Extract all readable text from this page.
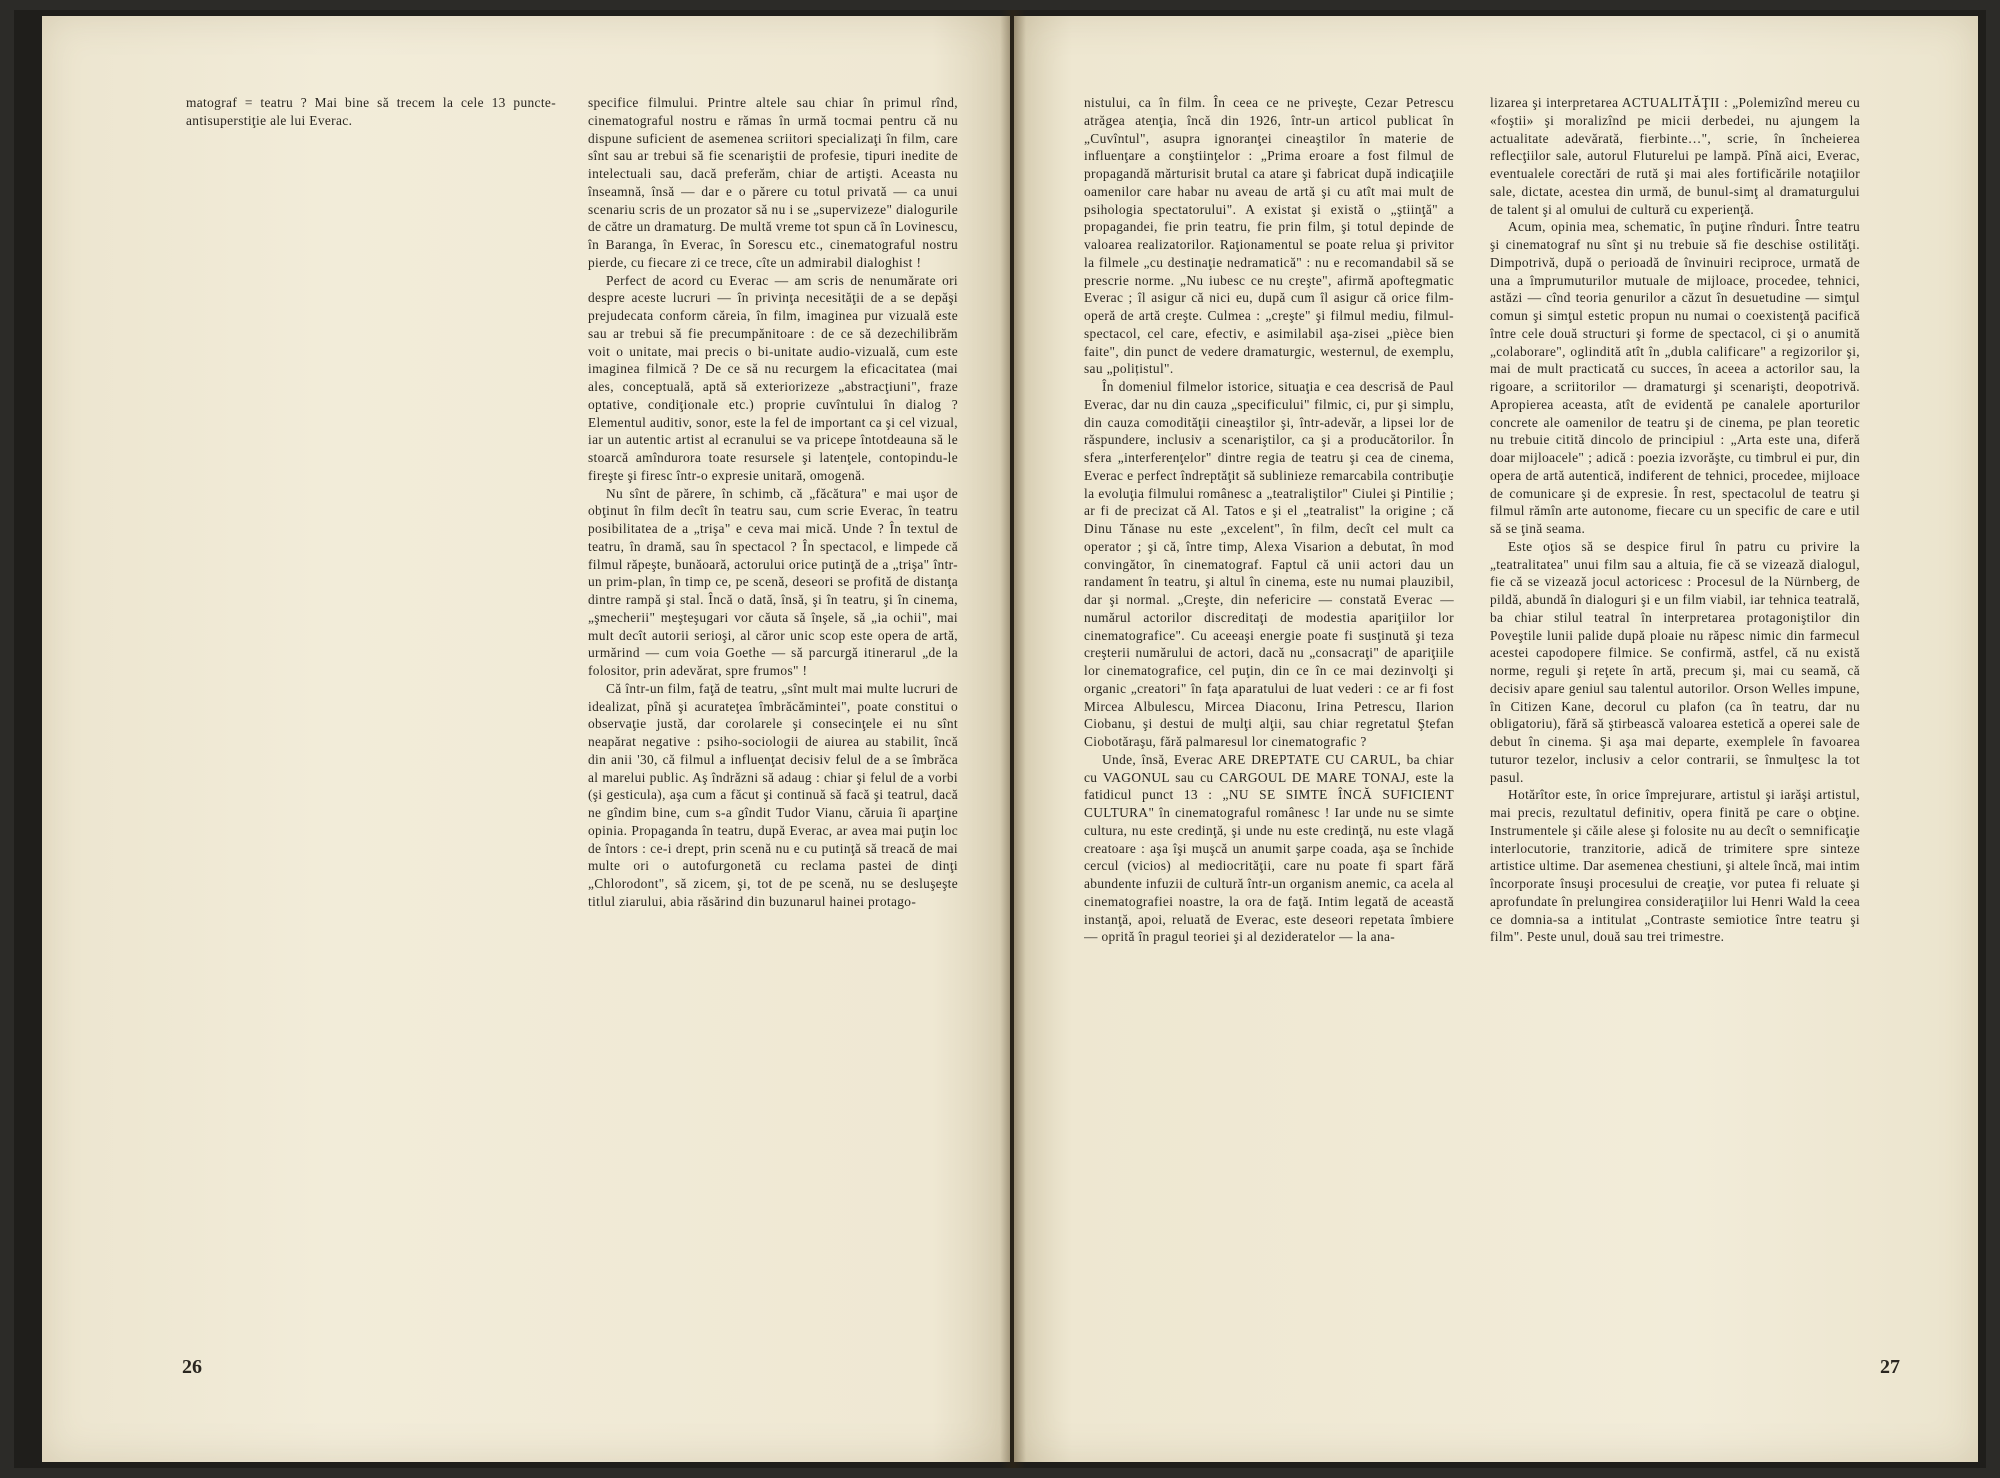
matograf = teatru ? Mai bine să trecem la cele 13 puncte-antisuperstiţie ale lui Everac.

specifice filmului. Printre altele sau chiar în primul rînd, cinematograful nostru e rămas în urmă tocmai pentru că nu dispune suficient de asemenea scriitori specializaţi în film, care sînt sau ar trebui să fie scenariştii de profesie, tipuri inedite de intelectuali sau, dacă preferăm, chiar de artişti. Aceasta nu înseamnă, însă — dar e o părere cu totul privată — ca unui scenariu scris de un prozator să nu i se „supervizeze" dialogurile de către un dramaturg. De multă vreme tot spun că în Lovinescu, în Baranga, în Everac, în Sorescu etc., cinematograful nostru pierde, cu fiecare zi ce trece, cîte un admirabil dialoghist !

Perfect de acord cu Everac — am scris de nenumărate ori despre aceste lucruri — în privinţa necesităţii de a se depăşi prejudecata conform căreia, în film, imaginea pur vizuală este sau ar trebui să fie precumpănitoare : de ce să dezechilibrăm voit o unitate, mai precis o bi-unitate audio-vizuală, cum este imaginea filmică ? De ce să nu recurgem la eficacitatea (mai ales, conceptuală, aptă să exteriorizeze „abstracţiuni", fraze optative, condiţionale etc.) proprie cuvîntului în dialog ? Elementul auditiv, sonor, este la fel de important ca şi cel vizual, iar un autentic artist al ecranului se va pricepe întotdeauna să le stoarcă amîndurora toate resursele şi latenţele, contopindu-le fireşte şi firesc într-o expresie unitară, omogenă.

Nu sînt de părere, în schimb, că „făcătura" e mai uşor de obţinut în film decît în teatru sau, cum scrie Everac, în teatru posibilitatea de a „trişa" e ceva mai mică. Unde ? În textul de teatru, în dramă, sau în spectacol ? În spectacol, e limpede că filmul răpeşte, bunăoară, actorului orice putinţă de a „trişa" într-un prim-plan, în timp ce, pe scenă, deseori se profită de distanţa dintre rampă şi stal. Încă o dată, însă, şi în teatru, şi în cinema, „şmecherii" meşteşugari vor căuta să înşele, să „ia ochii", mai mult decît autorii serioşi, al căror unic scop este opera de artă, urmărind — cum voia Goethe — să parcurgă itinerarul „de la folositor, prin adevărat, spre frumos" !

Că într-un film, faţă de teatru, „sînt mult mai multe lucruri de idealizat, pînă şi acurateţea îmbrăcămintei", poate constitui o observaţie justă, dar corolarele şi consecinţele ei nu sînt neapărat negative : psiho-sociologii de aiurea au stabilit, încă din anii '30, că filmul a influenţat decisiv felul de a se îmbrăca al marelui public. Aş îndrăzni să adaug : chiar şi felul de a vorbi (şi gesticula), aşa cum a făcut şi continuă să facă şi teatrul, dacă ne gîndim bine, cum s-a gîndit Tudor Vianu, căruia îi aparţine opinia. Propaganda în teatru, după Everac, ar avea mai puţin loc de întors : ce-i drept, prin scenă nu e cu putinţă să treacă de mai multe ori o autofurgonetă cu reclama pastei de dinţi „Chlorodont", să zicem, şi, tot de pe scenă, nu se desluşeşte titlul ziarului, abia răsărind din buzunarul hainei protago-

26

nistului, ca în film. În ceea ce ne priveşte, Cezar Petrescu atrăgea atenţia, încă din 1926, într-un articol publicat în „Cuvîntul", asupra ignoranţei cineaştilor în materie de influenţare a conştiinţelor : „Prima eroare a fost filmul de propagandă mărturisit brutal ca atare şi fabricat după indicaţiile oamenilor care habar nu aveau de artă şi cu atît mai mult de psihologia spectatorului". A existat şi există o „ştiinţă" a propagandei, fie prin teatru, fie prin film, şi totul depinde de valoarea realizatorilor. Raţionamentul se poate relua şi privitor la filmele „cu destinaţie nedramatică" : nu e recomandabil să se prescrie norme. „Nu iubesc ce nu creşte", afirmă apoftegmatic Everac ; îl asigur că nici eu, după cum îl asigur că orice film-operă de artă creşte. Culmea : „creşte" şi filmul mediu, filmul-spectacol, cel care, efectiv, e asimilabil aşa-zisei „pièce bien faite", din punct de vedere dramaturgic, westernul, de exemplu, sau „polițistul".

În domeniul filmelor istorice, situaţia e cea descrisă de Paul Everac, dar nu din cauza „specificului" filmic, ci, pur şi simplu, din cauza comodităţii cineaştilor şi, într-adevăr, a lipsei lor de răspundere, inclusiv a scenariştilor, ca şi a producătorilor. În sfera „interferenţelor" dintre regia de teatru şi cea de cinema, Everac e perfect îndreptăţit să sublinieze remarcabila contribuţie la evoluţia filmului românesc a „teatraliştilor" Ciulei şi Pintilie ; ar fi de precizat că Al. Tatos e şi el „teatralist" la origine ; că Dinu Tănase nu este „excelent", în film, decît cel mult ca operator ; şi că, între timp, Alexa Visarion a debutat, în mod convingător, în cinematograf. Faptul că unii actori dau un randament în teatru, şi altul în cinema, este nu numai plauzibil, dar şi normal. „Creşte, din nefericire — constată Everac — numărul actorilor discreditaţi de modestia apariţiilor lor cinematografice". Cu aceeaşi energie poate fi susţinută şi teza creşterii numărului de actori, dacă nu „consacraţi" de apariţiile lor cinematografice, cel puţin, din ce în ce mai dezinvolţi şi organic „creatori" în faţa aparatului de luat vederi : ce ar fi fost Mircea Albulescu, Mircea Diaconu, Irina Petrescu, Ilarion Ciobanu, şi destui de mulţi alţii, sau chiar regretatul Ştefan Ciobotăraşu, fără palmaresul lor cinematografic ?

Unde, însă, Everac ARE DREPTATE CU CARUL, ba chiar cu VAGONUL sau cu CARGOUL DE MARE TONAJ, este la fatidicul punct 13 : „NU SE SIMTE ÎNCĂ SUFICIENT CULTURA" în cinematograful românesc ! Iar unde nu se simte cultura, nu este credinţă, şi unde nu este credinţă, nu este vlagă creatoare : aşa îşi muşcă un anumit şarpe coada, aşa se închide cercul (vicios) al mediocrităţii, care nu poate fi spart fără abundente infuzii de cultură într-un organism anemic, ca acela al cinematografiei noastre, la ora de faţă. Intim legată de această instanţă, apoi, reluată de Everac, este deseori repetata îmbiere — oprită în pragul teoriei şi al dezideratelor — la ana-

lizarea şi interpretarea ACTUALITĂŢII : „Polemizînd mereu cu «foştii» şi moralizînd pe micii derbedei, nu ajungem la actualitate adevărată, fierbinte…", scrie, în încheierea reflecţiilor sale, autorul Fluturelui pe lampă. Pînă aici, Everac, eventualele corectări de rută şi mai ales fortificările notaţiilor sale, dictate, acestea din urmă, de bunul-simţ al dramaturgului de talent şi al omului de cultură cu experienţă.

Acum, opinia mea, schematic, în puţine rînduri. Între teatru şi cinematograf nu sînt şi nu trebuie să fie deschise ostilităţi. Dimpotrivă, după o perioadă de învinuiri reciproce, urmată de una a împrumuturilor mutuale de mijloace, procedee, tehnici, astăzi — cînd teoria genurilor a căzut în desuetudine — simţul comun şi simţul estetic propun nu numai o coexistenţă pacifică între cele două structuri şi forme de spectacol, ci şi o anumită „colaborare", oglindită atît în „dubla calificare" a regizorilor şi, mai de mult practicată cu succes, în aceea a actorilor sau, la rigoare, a scriitorilor — dramaturgi şi scenarişti, deopotrivă. Apropierea aceasta, atît de evidentă pe canalele aporturilor concrete ale oamenilor de teatru şi de cinema, pe plan teoretic nu trebuie citită dincolo de principiul : „Arta este una, diferă doar mijloacele" ; adică : poezia izvorăşte, cu timbrul ei pur, din opera de artă autentică, indiferent de tehnici, procedee, mijloace de comunicare şi de expresie. În rest, spectacolul de teatru şi filmul rămîn arte autonome, fiecare cu un specific de care e util să se ţină seama.

Este oţios să se despice firul în patru cu privire la „teatralitatea" unui film sau a altuia, fie că se vizează dialogul, fie că se vizează jocul actoricesc : Procesul de la Nürnberg, de pildă, abundă în dialoguri şi e un film viabil, iar tehnica teatrală, ba chiar stilul teatral în interpretarea protagoniştilor din Poveştile lunii palide după ploaie nu răpesc nimic din farmecul acestei capodopere filmice. Se confirmă, astfel, că nu există norme, reguli şi reţete în artă, precum şi, mai cu seamă, că decisiv apare geniul sau talentul autorilor. Orson Welles impune, în Citizen Kane, decorul cu plafon (ca în teatru, dar nu obligatoriu), fără să ştirbească valoarea estetică a operei sale de debut în cinema. Şi aşa mai departe, exemplele în favoarea tuturor tezelor, inclusiv a celor contrarii, se înmulţesc la tot pasul.

Hotărîtor este, în orice împrejurare, artistul şi iarăşi artistul, mai precis, rezultatul definitiv, opera finită pe care o obţine. Instrumentele şi căile alese şi folosite nu au decît o semnificaţie interlocutorie, tranzitorie, adică de trimitere spre sinteze artistice ultime. Dar asemenea chestiuni, şi altele încă, mai intim încorporate însuşi procesului de creaţie, vor putea fi reluate şi aprofundate în prelungirea consideraţiilor lui Henri Wald la ceea ce domnia-sa a intitulat „Contraste semiotice între teatru şi film". Peste unul, două sau trei trimestre.

27
